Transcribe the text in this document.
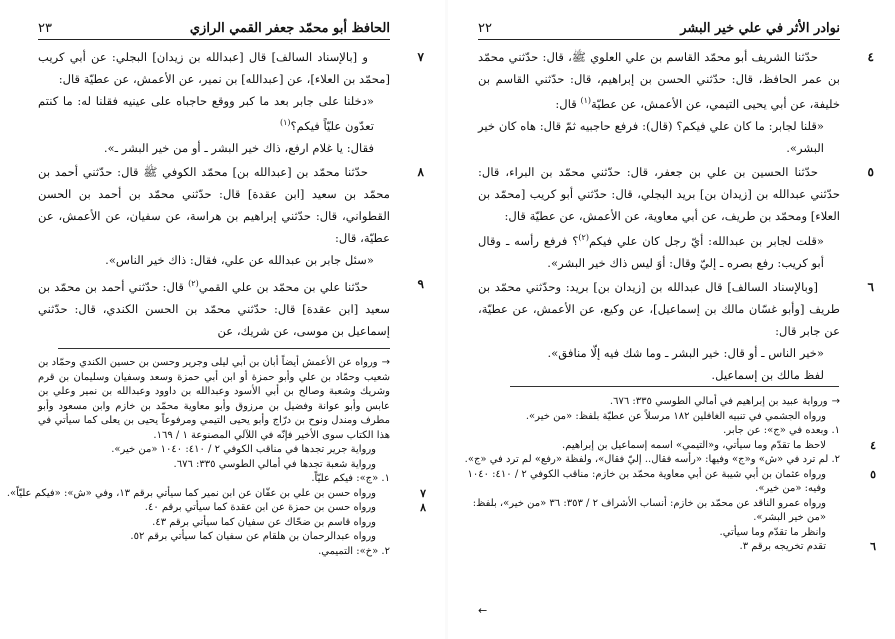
الحافظ أبو محمّد جعفر القمي الرازي
٢٣
٧
و [بالإسناد السالف] قال [عبدالله بن زيدان] البجلي: عن أبي كريب [محمّد بن العلاء]، عن [عبدالله] بن نمير، عن الأعمش، عن عطيّة قال:
«دخلنا على جابر بعد ما كبر ووقع حاجباه على عينيه فقلنا له: ما كنتم تعدّون عليّاً فيكم؟$^{(١)}$
فقال: يا غلام ارفع، ذاك خير البشر ـ أو من خير البشر ـ».
٨
حدّثنا محمّد بن [عبدالله بن] محمّد الكوفي ﷺ قال: حدّثني أحمد بن محمّد بن سعيد [ابن عقدة] قال: حدّثني محمّد بن أحمد بن الحسن القطواني، قال: حدّثني إبراهيم بن هراسة، عن سفيان، عن الأعمش، عن عطيّة، قال:
«سئل جابر بن عبدالله عن علي، فقال: ذاك خير الناس».
٩
حدّثنا علي بن محمّد بن علي القمي$^{(٢)}$ قال: حدّثني أحمد بن محمّد بن سعيد [ابن عقدة] قال: حدّثني محمّد بن الحسن الكندي، قال: حدّثني إسماعيل بن موسى، عن شريك، عن
→ورواه عن الأعمش أيضاً أبان بن أبي ليلى وجرير وحسن بن حسين الكندي وحمّاد بن شعيب وحمّاد بن علي وأبو حمزة أو ابن أبي حمزة وسعد وسفيان وسليمان بن قرم وشريك وشعبة وصالح بن أبي الأسود وعبدالله بن داوود وعبدالله بن نمير وعلي بن عابس وأبو عوانة وفضيل بن مرزوق وأبو معاوية محمّد بن خازم وابن مسعود وأبو مطرف ومندل ونوح بن درّاج وأبو يحيى التيمي ومرفوعاً يحيى بن يعلى كما سيأتي في هذا الكتاب سوى الأخير فإنّه في اللآلي المصنوعة ١ / ١٦٩.
ورواية جرير تجدها في مناقب الكوفي ٢ / ٤١٠: ١٠٤٠ «من خير».
ورواية شعبة تجدها في أمالي الطوسي ٣٣٥: ٦٧٦.
١. «ج»: فيكم عليّاً.
٧
ورواه حسن بن علي بن عفّان عن ابن نمير كما سيأتي برقم ١٣، وفي «ش»: «فيكم عليّاً».
٨
ورواه حسن بن حمزة عن ابن عقدة كما سيأتي برقم ٤٠.
ورواه قاسم بن ضحّاك عن سفيان كما سيأتي برقم ٤٣.
ورواه عبدالرحمان بن هلقام عن سفيان كما سيأتي برقم ٥٢.
٢. «خ»: التميمي.
نوادر الأثر في علي خير البشر
٢٢
٤
حدّثنا الشريف أبو محمّد القاسم بن علي العلوي ﷺ، قال: حدّثني محمّد بن عمر الحافظ، قال: حدّثني الحسن بن إبراهيم، قال: حدّثني القاسم بن خليفة، عن أبي يحيى التيمي، عن الأعمش، عن عطيّة$^{(١)}$ قال:
«قلنا لجابر: ما كان علي فيكم؟ (قال): فرفع حاجبيه ثمّ قال: هاه كان خير البشر».
٥
حدّثنا الحسين بن علي بن جعفر، قال: حدّثني محمّد بن البراء، قال: حدّثني عبدالله بن [زيدان بن] بريد البجلي، قال: حدّثني أبو كريب [محمّد بن العلاء] ومحمّد بن طريف، عن أبي معاوية، عن الأعمش، عن عطيّة قال:
«قلت لجابر بن عبدالله: أيّ رجل كان علي فيكم$^{(٢)}$؟ فرفع رأسه ـ وقال أبو كريب: رفع بصره ـ إليّ وقال: أوَ ليس ذاك خير البشر».
٦
[وبالإسناد السالف] قال عبدالله بن [زيدان بن] بريد: وحدّثني محمّد بن طريف [وأبو غسّان مالك بن إسماعيل]، عن وكيع، عن الأعمش، عن عطيّة، عن جابر قال:
«خير الناس ـ أو قال: خير البشر ـ وما شك فيه إلّا منافق».
لفظ مالك بن إسماعيل.
→ورواية عبيد بن إبراهيم في أمالي الطوسي ٣٣٥: ٦٧٦.
ورواه الجشمي في تنبيه الغافلين ١٨٢ مرسلاً عن عطيّة بلفظ: «من خير».
١. وبعده في «ج»: عن جابر.
٤
لاحظ ما تقدّم وما سيأتي، و«التيمي» اسمه إسماعيل بن إبراهيم.
٢. لم ترد في «ش» و«ج» وفيها: «رأسه فقال.. إليّ فقال»، ولفظة «رفع» لم ترد في «ج».
٥
ورواه عثمان بن أبي شيبة عن أبي معاوية محمّد بن خازم: مناقب الكوفي ٢ / ٤١٠: ١٠٤٠
وفيه: «من خير».
ورواه عمرو الناقد عن محمّد بن خازم: أنساب الأشراف ٢ / ٣٥٣: ٣٦ «من خير»، بلفظ:
«من خير البشر».
وانظر ما تقدّم وما سيأتي.
٦
تقدم تخريجه برقم ٣.
←
